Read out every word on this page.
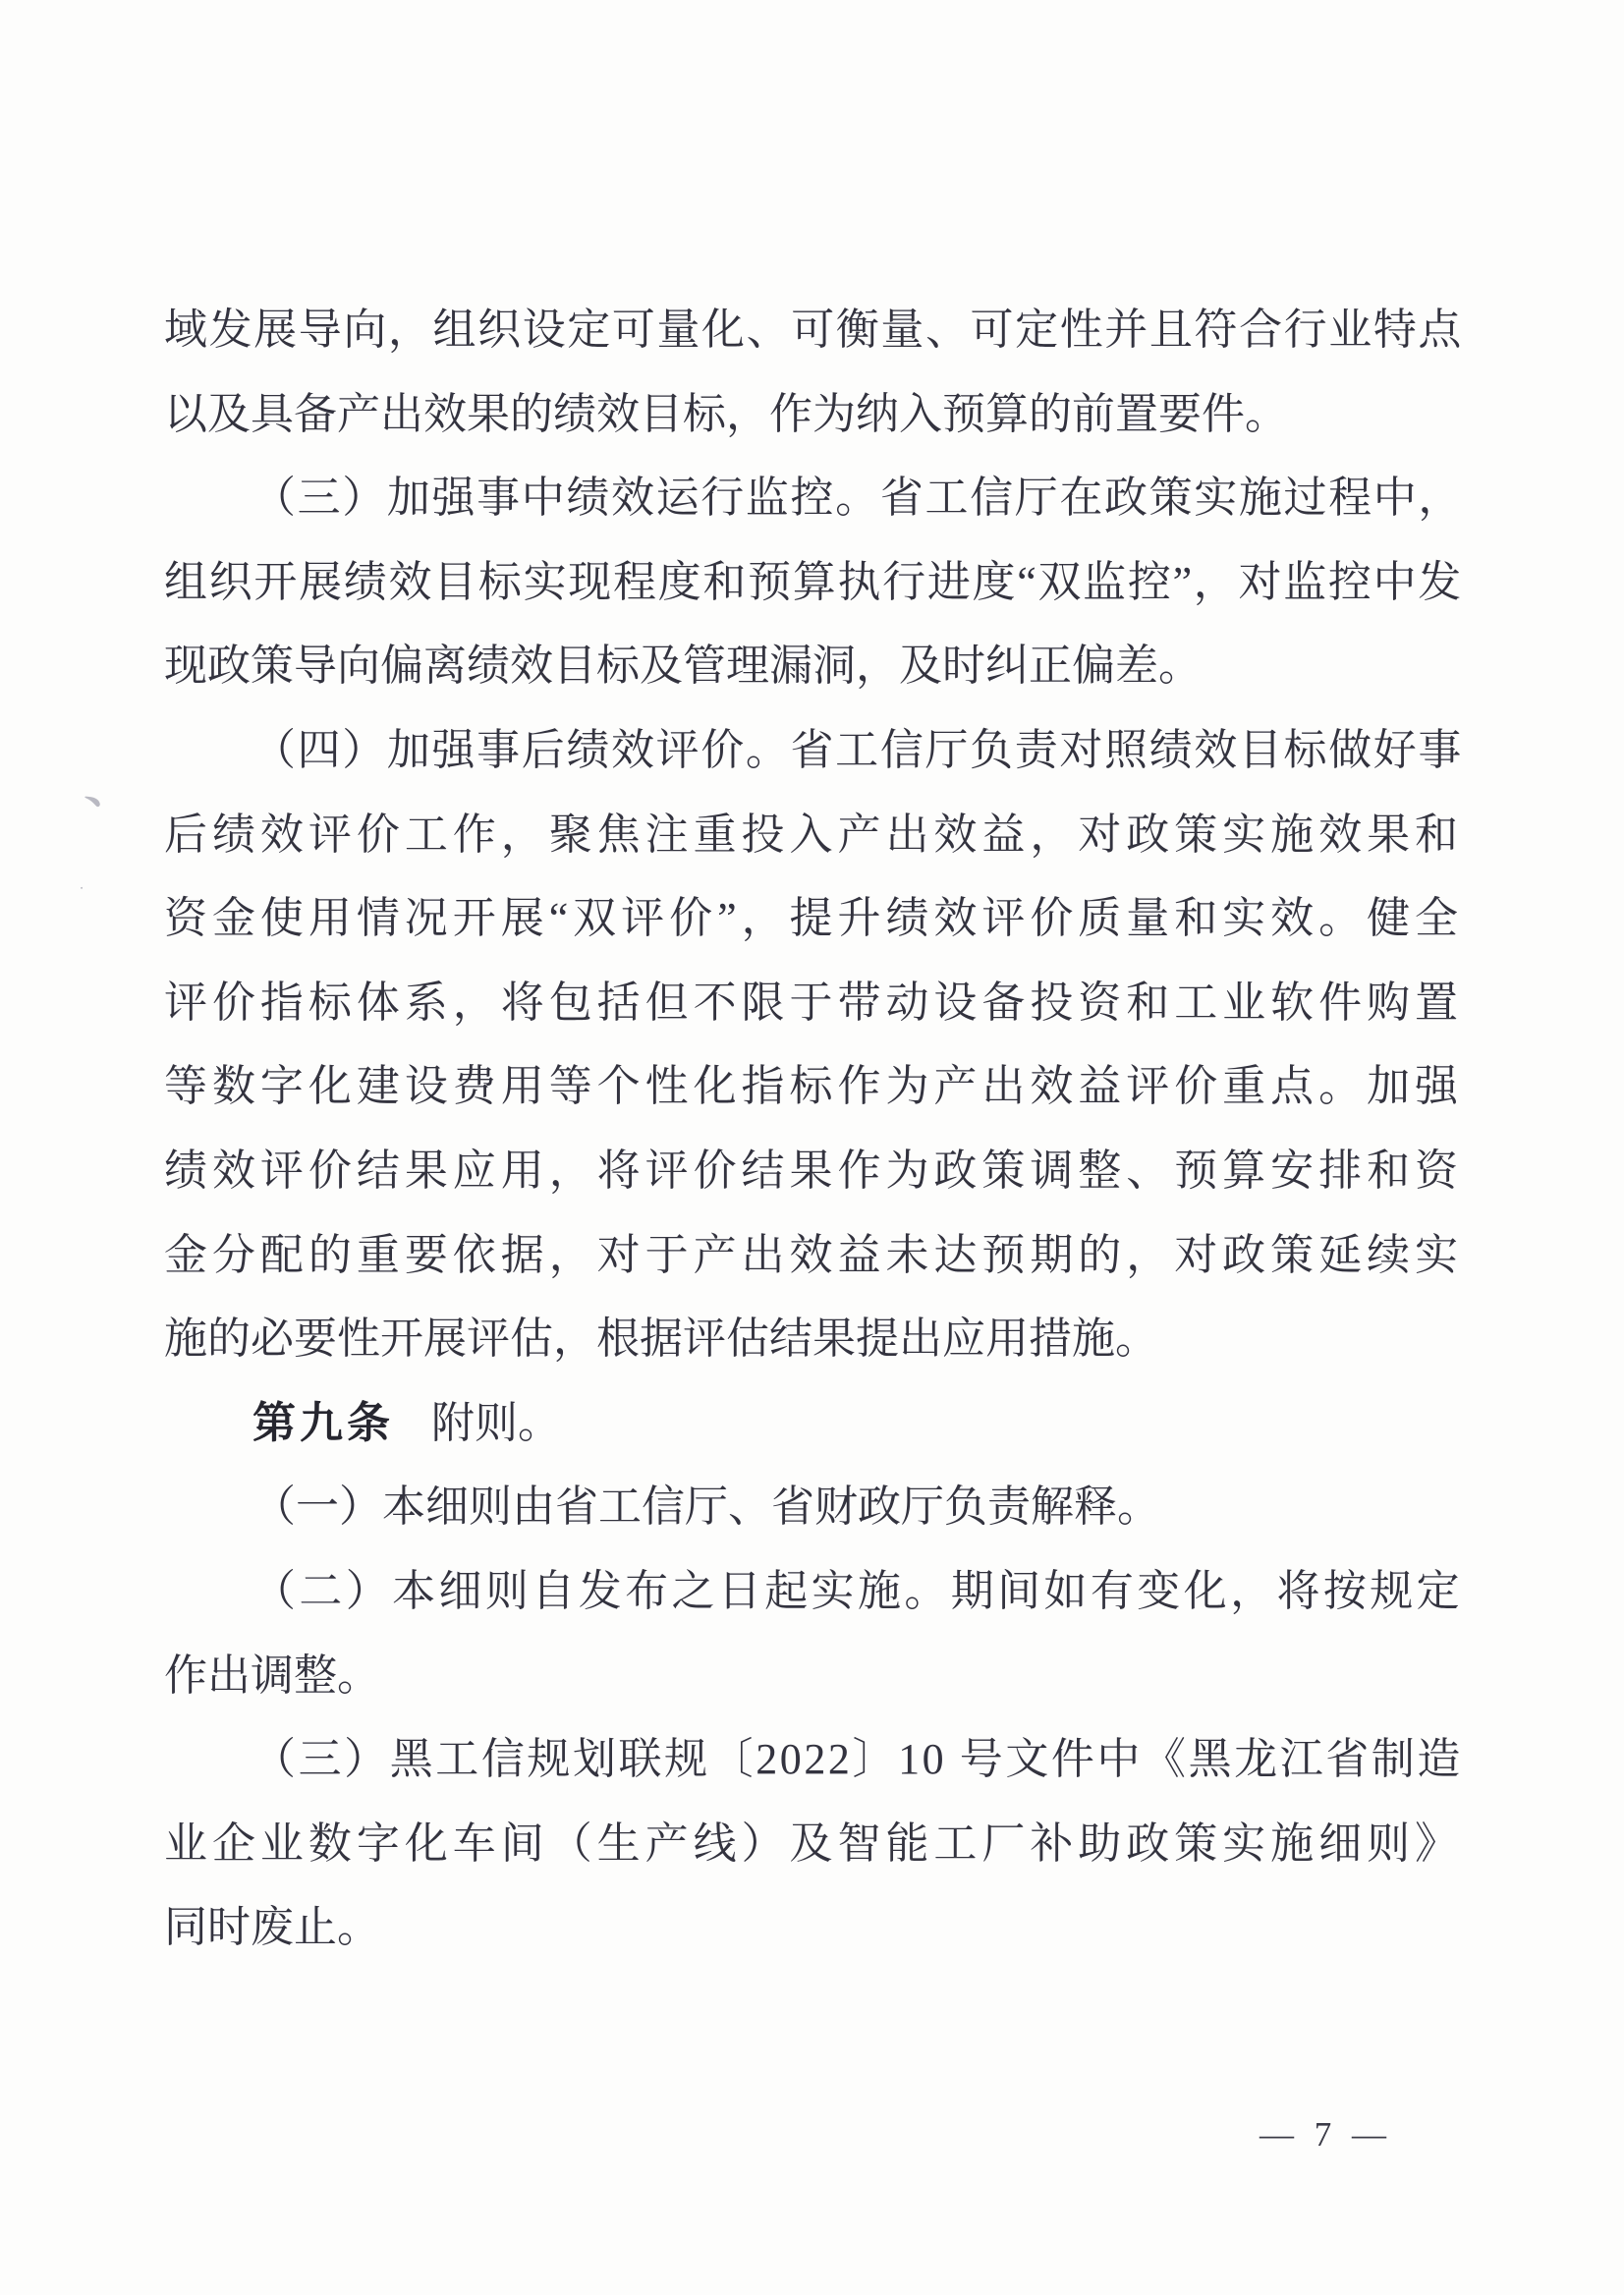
域发展导向，组织设定可量化、可衡量、可定性并且符合行业特点
以及具备产出效果的绩效目标，作为纳入预算的前置要件。
（三）加强事中绩效运行监控。省工信厅在政策实施过程中，
组织开展绩效目标实现程度和预算执行进度“双监控”，对监控中发
现政策导向偏离绩效目标及管理漏洞，及时纠正偏差。
（四）加强事后绩效评价。省工信厅负责对照绩效目标做好事
后绩效评价工作，聚焦注重投入产出效益，对政策实施效果和
资金使用情况开展“双评价”，提升绩效评价质量和实效。健全
评价指标体系，将包括但不限于带动设备投资和工业软件购置
等数字化建设费用等个性化指标作为产出效益评价重点。加强
绩效评价结果应用，将评价结果作为政策调整、预算安排和资
金分配的重要依据，对于产出效益未达预期的，对政策延续实
施的必要性开展评估，根据评估结果提出应用措施。
第九条 附则。
（一）本细则由省工信厅、省财政厅负责解释。
（二）本细则自发布之日起实施。期间如有变化，将按规定
作出调整。
（三）黑工信规划联规〔2022〕10 号文件中《黑龙江省制造
业企业数字化车间（生产线）及智能工厂补助政策实施细则》
同时废止。
﹅
·
— 7 —
